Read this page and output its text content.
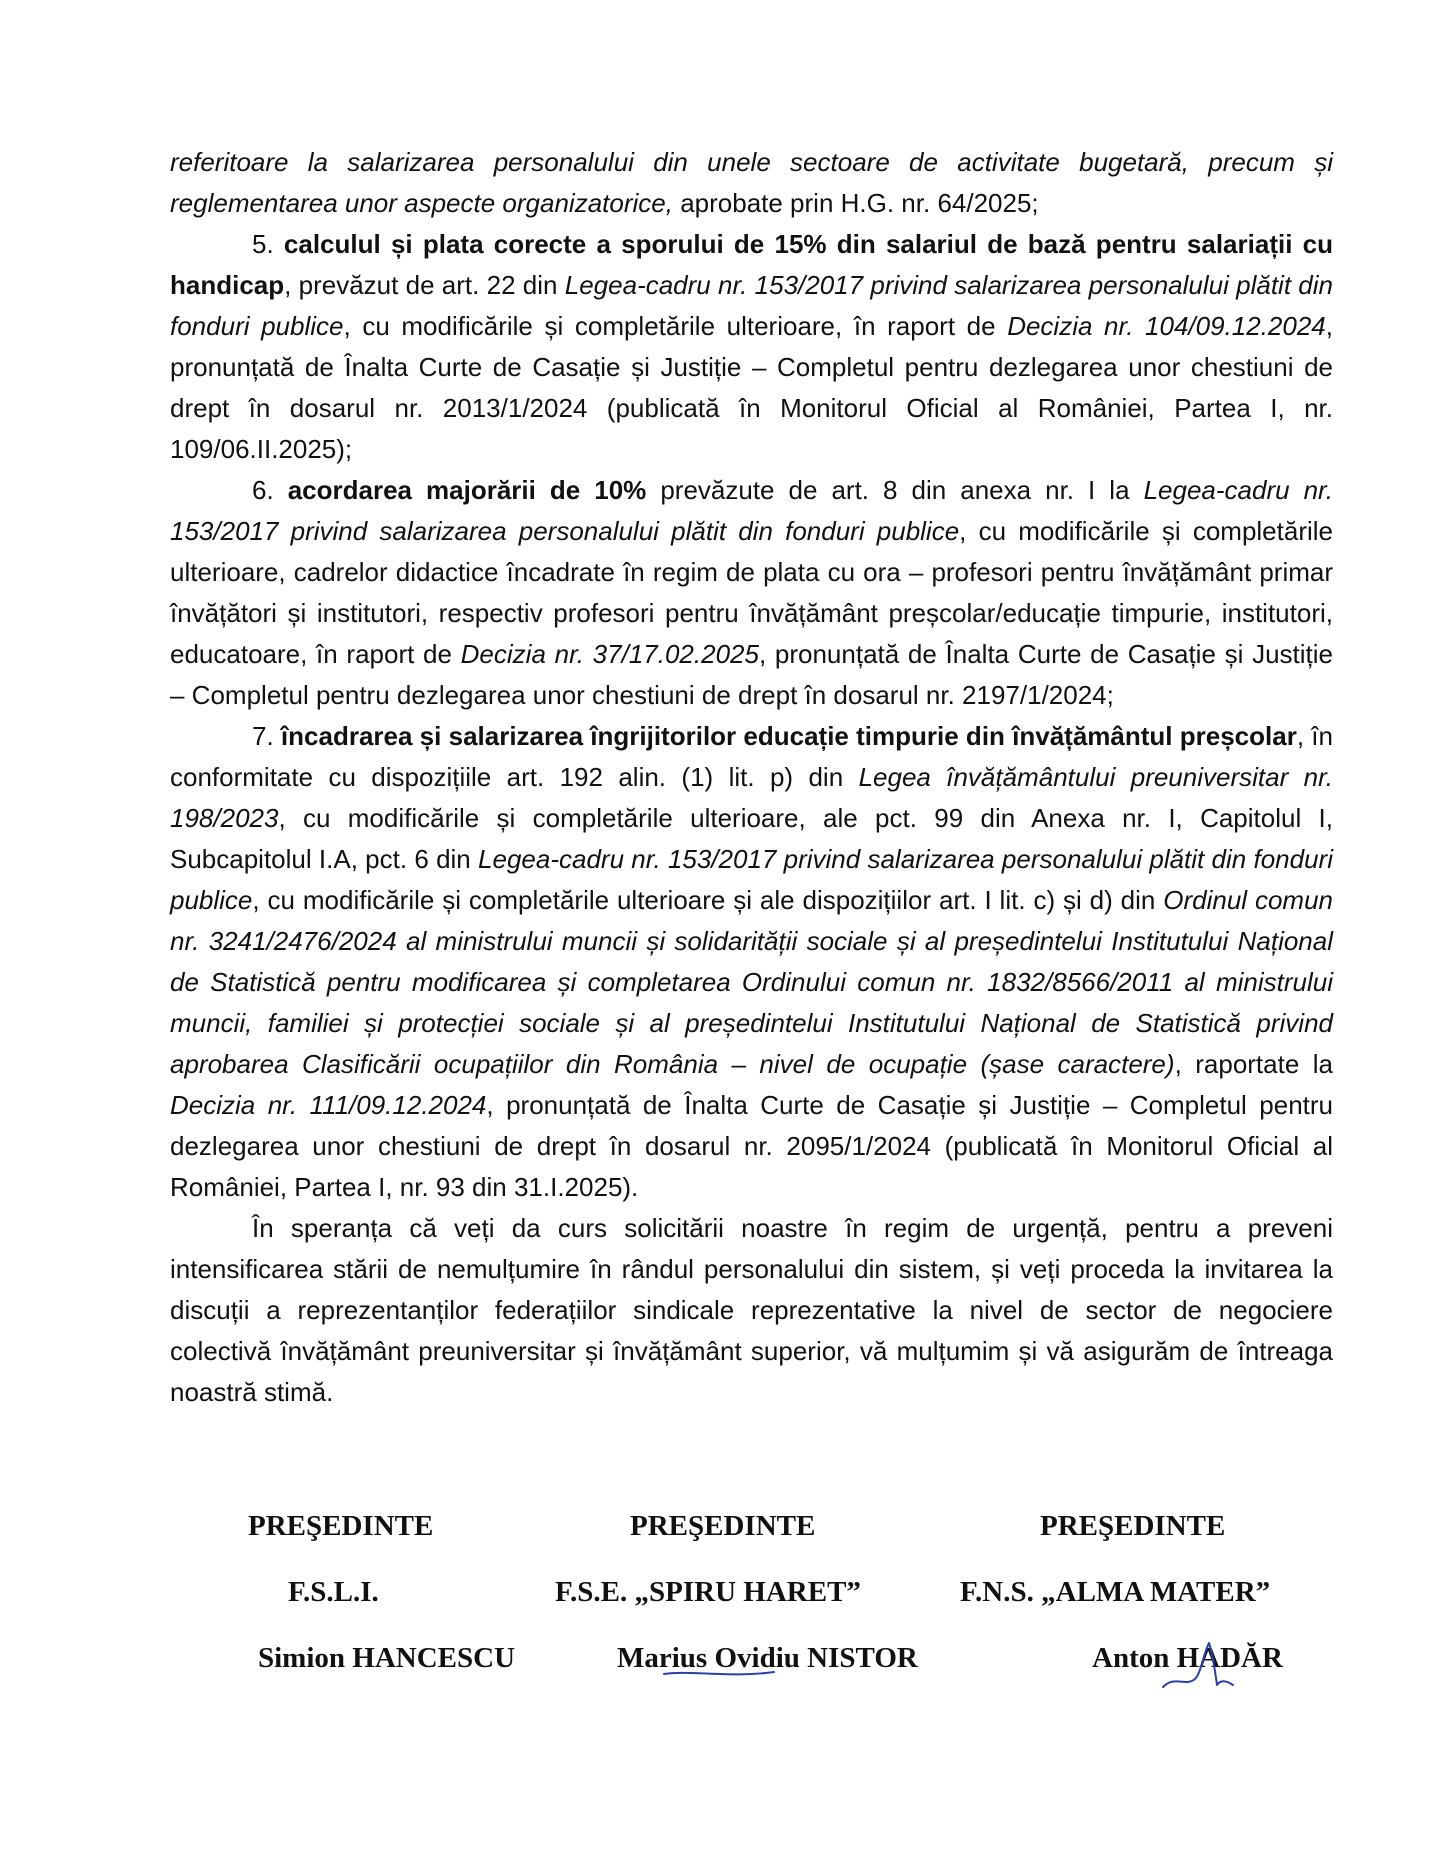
referitoare la salarizarea personalului din unele sectoare de activitate bugetară, precum și reglementarea unor aspecte organizatorice, aprobate prin H.G. nr. 64/2025;

5. calculul și plata corecte a sporului de 15% din salariul de bază pentru salariații cu handicap, prevăzut de art. 22 din Legea-cadru nr. 153/2017 privind salarizarea personalului plătit din fonduri publice, cu modificările și completările ulterioare, în raport de Decizia nr. 104/09.12.2024, pronunțată de Înalta Curte de Casație și Justiție – Completul pentru dezlegarea unor chestiuni de drept în dosarul nr. 2013/1/2024 (publicată în Monitorul Oficial al României, Partea I, nr. 109/06.II.2025);

6. acordarea majorării de 10% prevăzute de art. 8 din anexa nr. I la Legea-cadru nr. 153/2017 privind salarizarea personalului plătit din fonduri publice, cu modificările și completările ulterioare, cadrelor didactice încadrate în regim de plata cu ora – profesori pentru învățământ primar învățători și institutori, respectiv profesori pentru învățământ preșcolar/educație timpurie, institutori, educatoare, în raport de Decizia nr. 37/17.02.2025, pronunțată de Înalta Curte de Casație și Justiție – Completul pentru dezlegarea unor chestiuni de drept în dosarul nr. 2197/1/2024;

7. încadrarea și salarizarea îngrijitorilor educație timpurie din învățământul preșcolar, în conformitate cu dispozițiile art. 192 alin. (1) lit. p) din Legea învățământului preuniversitar nr. 198/2023, cu modificările și completările ulterioare, ale pct. 99 din Anexa nr. I, Capitolul I, Subcapitolul I.A, pct. 6 din Legea-cadru nr. 153/2017 privind salarizarea personalului plătit din fonduri publice, cu modificările și completările ulterioare și ale dispozițiilor art. I lit. c) și d) din Ordinul comun nr. 3241/2476/2024 al ministrului muncii și solidarității sociale și al președintelui Institutului Național de Statistică pentru modificarea și completarea Ordinului comun nr. 1832/8566/2011 al ministrului muncii, familiei și protecției sociale și al președintelui Institutului Național de Statistică privind aprobarea Clasificării ocupațiilor din România – nivel de ocupație (șase caractere), raportate la Decizia nr. 111/09.12.2024, pronunțată de Înalta Curte de Casație și Justiție – Completul pentru dezlegarea unor chestiuni de drept în dosarul nr. 2095/1/2024 (publicată în Monitorul Oficial al României, Partea I, nr. 93 din 31.I.2025).

În speranța că veți da curs solicitării noastre în regim de urgență, pentru a preveni intensificarea stării de nemulțumire în rândul personalului din sistem, și veți proceda la invitarea la discuții a reprezentanților federațiilor sindicale reprezentative la nivel de sector de negociere colectivă învățământ preuniversitar și învățământ superior, vă mulțumim și vă asigurăm de întreaga noastră stimă.

PREŞEDINTE	PREŞEDINTE	PREŞEDINTE
F.S.L.I.	F.S.E. „SPIRU HARET”	F.N.S. „ALMA MATER”
Simion HANCESCU	Marius Ovidiu NISTOR	Anton HADĂR
